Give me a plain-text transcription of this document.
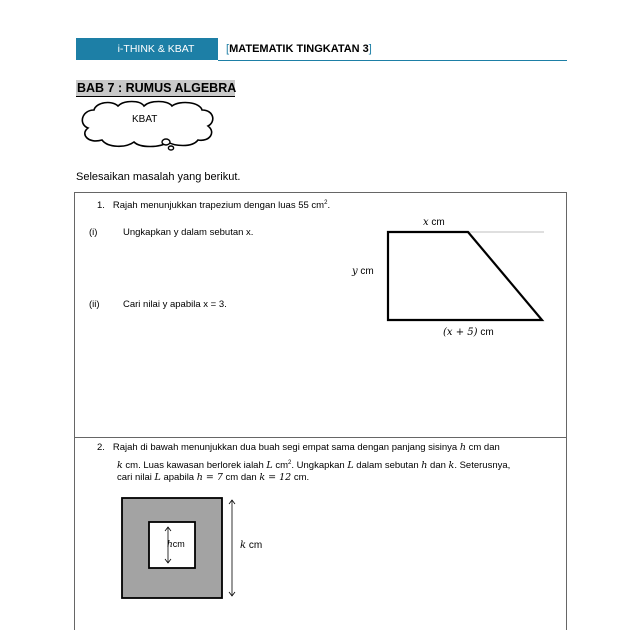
i-THINK & KBAT	[MATEMATIK TINGKATAN 3]
BAB 7 : RUMUS ALGEBRA
KBAT
Selesaikan masalah yang berikut.
1. Rajah menunjukkan trapezium dengan luas 55 $cm^2$.
(i)	Ungkapkan y dalam sebutan x.
(ii) Cari nilai y apabila x = 3.
x cm
y cm
(x + 5) cm
2. Rajah di bawah menunjukkan dua buah segi empat sama dengan panjang sisinya h cm dan
k cm. Luas kawasan berlorek ialah L $cm^2$. Ungkapkan L dalam sebutan h dan k. Seterusnya,
cari nilai L apabila h = 7 cm dan k = 12 cm.
hcm	k cm
